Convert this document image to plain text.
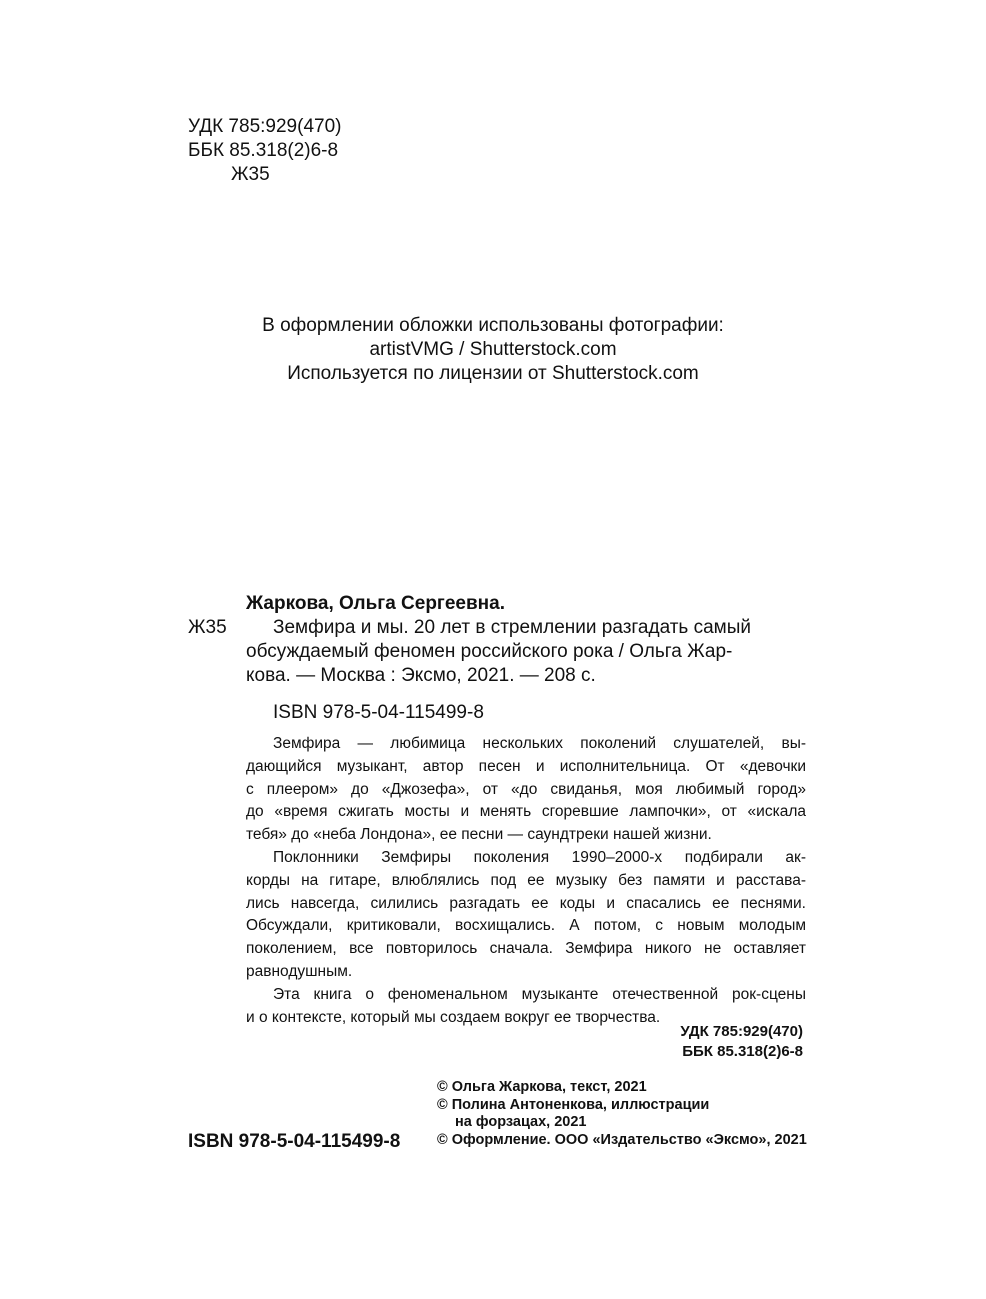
УДК 785:929(470)
ББК 85.318(2)6-8
Ж35
В оформлении обложки использованы фотографии:
artistVMG / Shutterstock.com
Используется по лицензии от Shutterstock.com
Жаркова, Ольга Сергеевна.
Ж35	Земфира и мы. 20 лет в стремлении разгадать самый
обсуждаемый феномен российского рока / Ольга Жар-
кова. — Москва : Эксмо, 2021. — 208 с.
ISBN 978-5-04-115499-8
Земфира — любимица нескольких поколений слушателей, вы-
дающийся музыкант, автор песен и исполнительница. От «девочки
с плеером» до «Джозефа», от «до свиданья, моя любимый город»
до «время сжигать мосты и менять сгоревшие лампочки», от «искала
тебя» до «неба Лондона», ее песни — саундтреки нашей жизни.
Поклонники Земфиры поколения 1990–2000-х подбирали ак-
корды на гитаре, влюблялись под ее музыку без памяти и расстава-
лись навсегда, силились разгадать ее коды и спасались ее песнями.
Обсуждали, критиковали, восхищались. А потом, с новым молодым
поколением, все повторилось сначала. Земфира никого не оставляет
равнодушным.
Эта книга о феноменальном музыканте отечественной рок-сцены
и о контексте, который мы создаем вокруг ее творчества.
УДК 785:929(470)
ББК 85.318(2)6-8
ISBN 978-5-04-115499-8
© Ольга Жаркова, текст, 2021
© Полина Антоненкова, иллюстрации
на форзацах, 2021
© Оформление. ООО «Издательство «Эксмо», 2021
